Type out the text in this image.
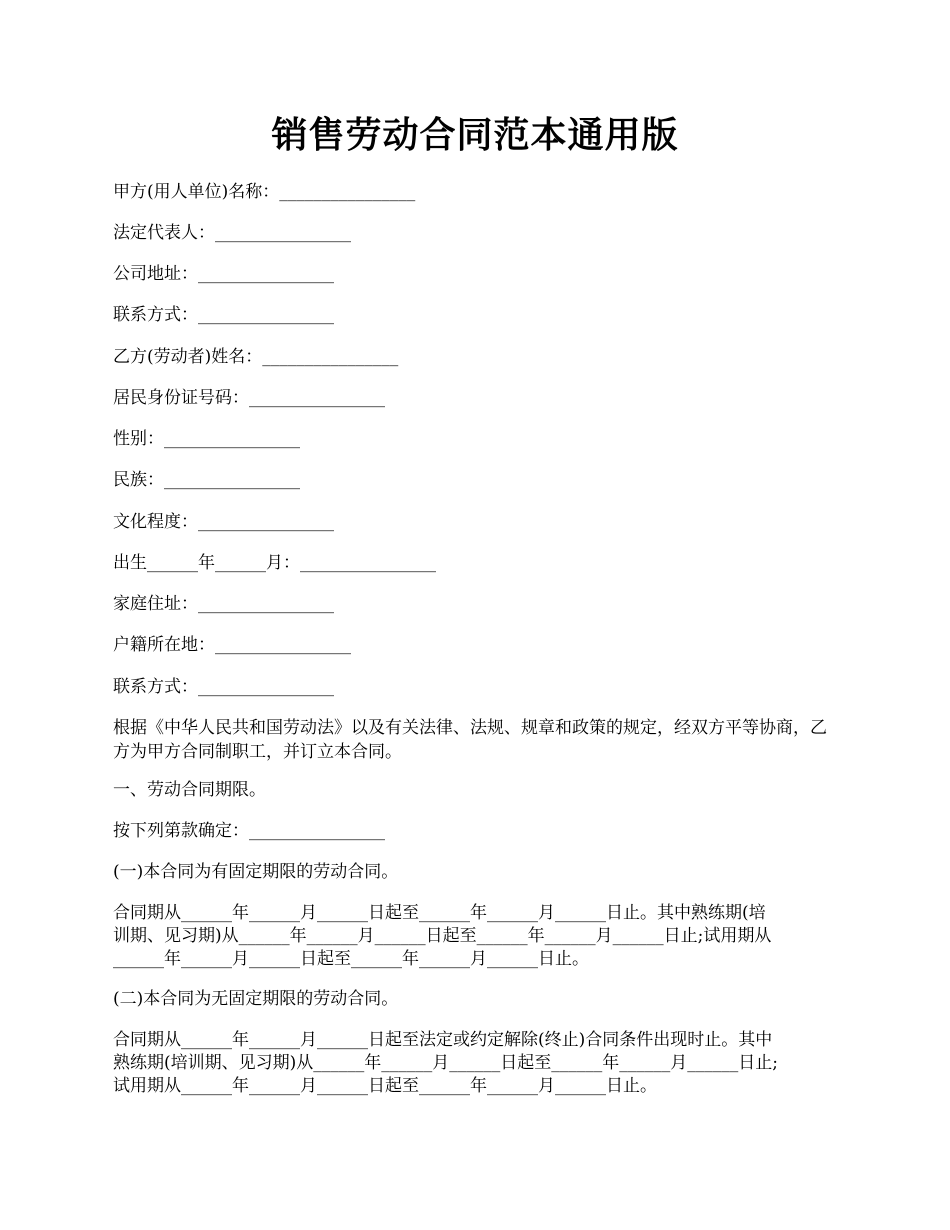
销售劳动合同范本通用版
甲方(用人单位)名称：________________
法定代表人：________________
公司地址：________________
联系方式：________________
乙方(劳动者)姓名：________________
居民身份证号码：________________
性别：________________
民族：________________
文化程度：________________
出生______年______月：________________
家庭住址：________________
户籍所在地：________________
联系方式：________________
根据《中华人民共和国劳动法》以及有关法律、法规、规章和政策的规定，经双方平等协商，乙方为甲方合同制职工，并订立本合同。
一、劳动合同期限。
按下列第款确定：________________
(一)本合同为有固定期限的劳动合同。
合同期从______年______月______日起至______年______月______日止。其中熟练期(培
训期、见习期)从______年______月______日起至______年______月______日止;试用期从
______年______月______日起至______年______月______日止。
(二)本合同为无固定期限的劳动合同。
合同期从______年______月______日起至法定或约定解除(终止)合同条件出现时止。其中
熟练期(培训期、见习期)从______年______月______日起至______年______月______日止;
试用期从______年______月______日起至______年______月______日止。
